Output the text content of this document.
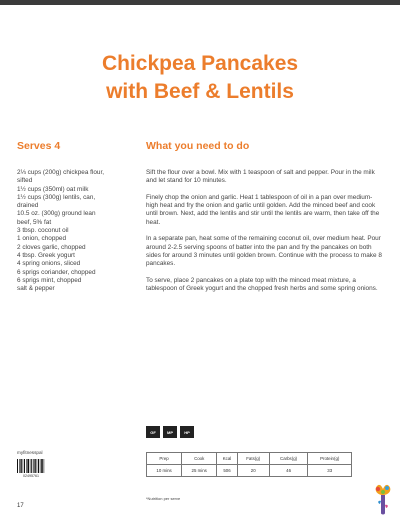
Chickpea Pancakes
with Beef & Lentils
Serves 4	What you need to do
2⅓ cups (200g) chickpea flour,
sifted
1½ cups (350ml) oat milk
1½ cups (300g) lentils, can,
drained
10.5 oz. (300g) ground lean
beef, 5% fat
3 tbsp. coconut oil
1 onion, chopped
2 cloves garlic, chopped
4 tbsp. Greek yogurt
4 spring onions, sliced
6 sprigs coriander, chopped
6 sprigs mint, chopped
salt & pepper

Sift the flour over a bowl. Mix with 1 teaspoon of salt and pepper. Pour in the milk and let stand for 10 minutes.

Finely chop the onion and garlic. Heat 1 tablespoon of oil in a pan over medium-high heat and fry the onion and garlic until golden. Add the minced beef and cook until brown. Next, add the lentils and stir until the lentils are warm, then take off the heat.

In a separate pan, heat some of the remaining coconut oil, over medium heat. Pour around 2-2.5 serving spoons of batter into the pan and fry the pancakes on both sides for around 3 minutes until golden brown. Continue with the process to make 8 pancakes.

To serve, place 2 pancakes on a plate top with the minced meat mixture, a tablespoon of Greek yogurt and the chopped fresh herbs and some spring onions.

GF	MP	HP
Prep	Cook	Kcal	Fats(g)	Carbs(g)	Protein(g)
10 mins	25 mins	506	20	46	33
*Nutrition per serve
myfitnesspal
02495761
17
